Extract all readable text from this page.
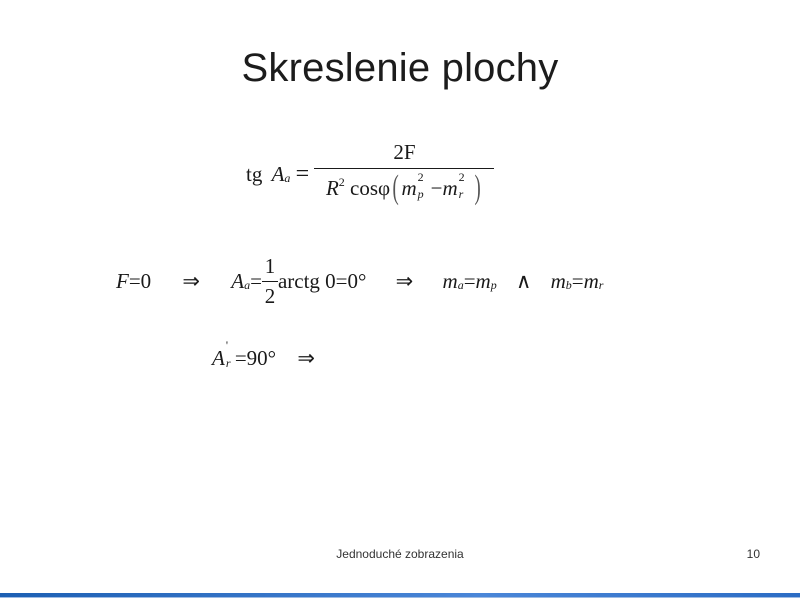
Skreslenie plochy
tg Aa = 2F
$R^2$ cosφ( m 2
p −m 2
r )
F=0 ⇒ $Aa= \frac{1}{2}$ arctg 0=0° ⇒ ma=mp ∧ mb=mr
A
'
r =90° ⇒
Jednoduché zobrazenia	10
